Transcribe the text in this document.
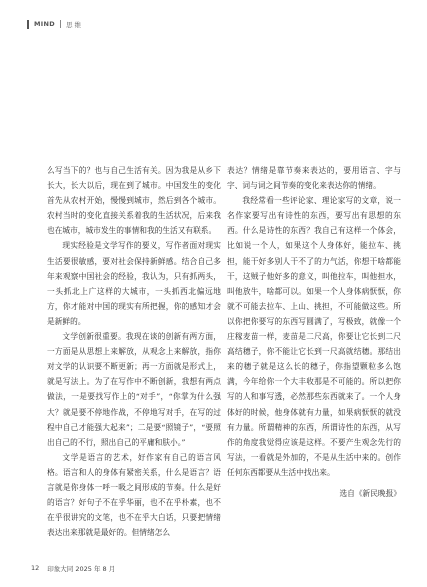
MIND 思 维

么写当下的？也与自己生活有关。因为我是从乡下长大，长大以后，现在到了城市。中国发生的变化首先从农村开始，慢慢到城市，然后到各个城市。农村当时的变化直接关系着我的生活状况，后来我也在城市，城市发生的事情和我的生活又有联系。

现实经验是文学写作的要义，写作者面对现实生活要很敏感，要对社会保持新鲜感。结合自己多年来观察中国社会的经验，我认为，只有抓两头，一头抓北上广这样的大城市，一头抓西北偏远地方，你才能对中国的现实有所把握，你的感知才会是新鲜的。

文学创新很重要。我现在谈的创新有两方面，一方面是从思想上来解放，从观念上来解放，指你对文学的认识要不断更新；再一方面就是形式上，就是写法上。为了在写作中不断创新，我想有两点做法，一是要找写作上的“对手”，“你掌为什么强大？就是要不停地作战，不停地写对手，在写的过程中自己才能强大起来”；二是要“照镜子”，“要照出自己的不行，照出自己的平庸和肤小。”

文学是语言的艺术，好作家有自己的语言风格。语言和人的身体有紧密关系，什么是语言？语言就是你身体一呼一吸之间形成的节奏。什么是好的语言？好句子不在乎华丽，也不在乎朴素，也不在乎很讲究的文笔，也不在乎大白话，只要把情绪表达出来那就是最好的。但情绪怎么

表达？情绪是靠节奏来表达的，要用语言、字与字、词与词之间节奏的变化来表达你的情绪。

我经常看一些评论家、理论家写的文章，说一名作家要写出有诗性的东西，要写出有思想的东西。什么是诗性的东西？我自己有这样一个体会，比如说一个人，如果这个人身体好，能拉车、挑担，能干好多别人干不了的力气活，你想干啥都能干，这贼子他好多的意义，叫他拉车，叫他担水，叫他放牛，啥都可以。如果一个人身体病恹恹，你就不可能去拉车、上山、挑担，不可能做这些。所以你把你要写的东西写圆满了，写极致，就像一个庄稼麦苗一样，麦苗是二尺高，你要让它长到二尺高结穗子，你不能让它长到一尺高就结穗。那结出来的穗子就是这么长的穗子，你指望颗粒多么饱满，今年给你一个大丰收那是不可能的。所以把你写的人和事写透，必然那些东西就来了。一个人身体好的时候，他身体就有力量，如果病恹恹的就没有力量。所谓精神的东西，所谓诗性的东西，从写作的角度我觉得应该是这样。不要产生观念先行的写法，一看就是外加的，不是从生活中来的。创作任何东西都要从生活中找出来。

选自《新民晚报》

12 印象大同 2025 年 8 月
